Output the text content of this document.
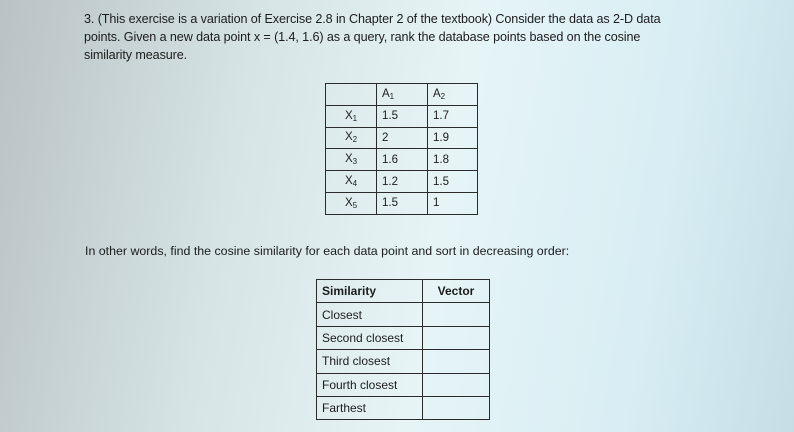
3. (This exercise is a variation of Exercise 2.8 in Chapter 2 of the textbook) Consider the data as 2-D data
points. Given a new data point x = (1.4, 1.6) as a query, rank the database points based on the cosine
similarity measure.
	$A_1$	$A_2$
$X_1$	1.5	1.7
$X_2$	2	1.9
$X_3$	1.6	1.8
$X_4$	1.2	1.5
$X_5$	1.5	1
In other words, find the cosine similarity for each data point and sort in decreasing order:
Similarity	Vector
Closest	
Second closest	
Third closest	
Fourth closest	
Farthest	
